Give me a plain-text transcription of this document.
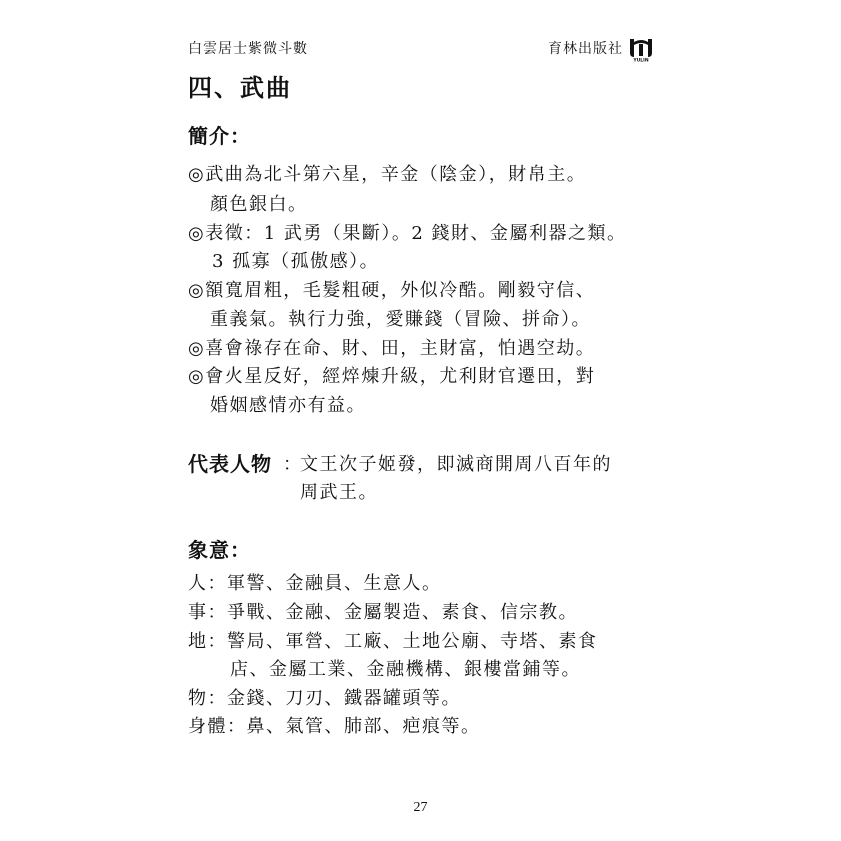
白雲居士紫微斗數	育林出版社
YULIN
四、武曲
簡介：
◎武曲為北斗第六星，辛金（陰金），財帛主。
顏色銀白。
◎表徵：1 武勇（果斷）。2 錢財、金屬利器之類。
3 孤寡（孤傲感）。
◎額寬眉粗，毛髮粗硬，外似冷酷。剛毅守信、
重義氣。執行力強，愛賺錢（冒險、拼命）。
◎喜會祿存在命、財、田，主財富，怕遇空劫。
◎會火星反好，經焠煉升級，尤利財官遷田，對
婚姻感情亦有益。
代表人物 ：
文王次子姬發，即滅商開周八百年的
周武王。
象意：
人：軍警、金融員、生意人。
事：爭戰、金融、金屬製造、素食、信宗教。
地：警局、軍營、工廠、土地公廟、寺塔、素食
店、金屬工業、金融機構、銀樓當鋪等。
物：金錢、刀刃、鐵器罐頭等。
身體：鼻、氣管、肺部、疤痕等。
27
